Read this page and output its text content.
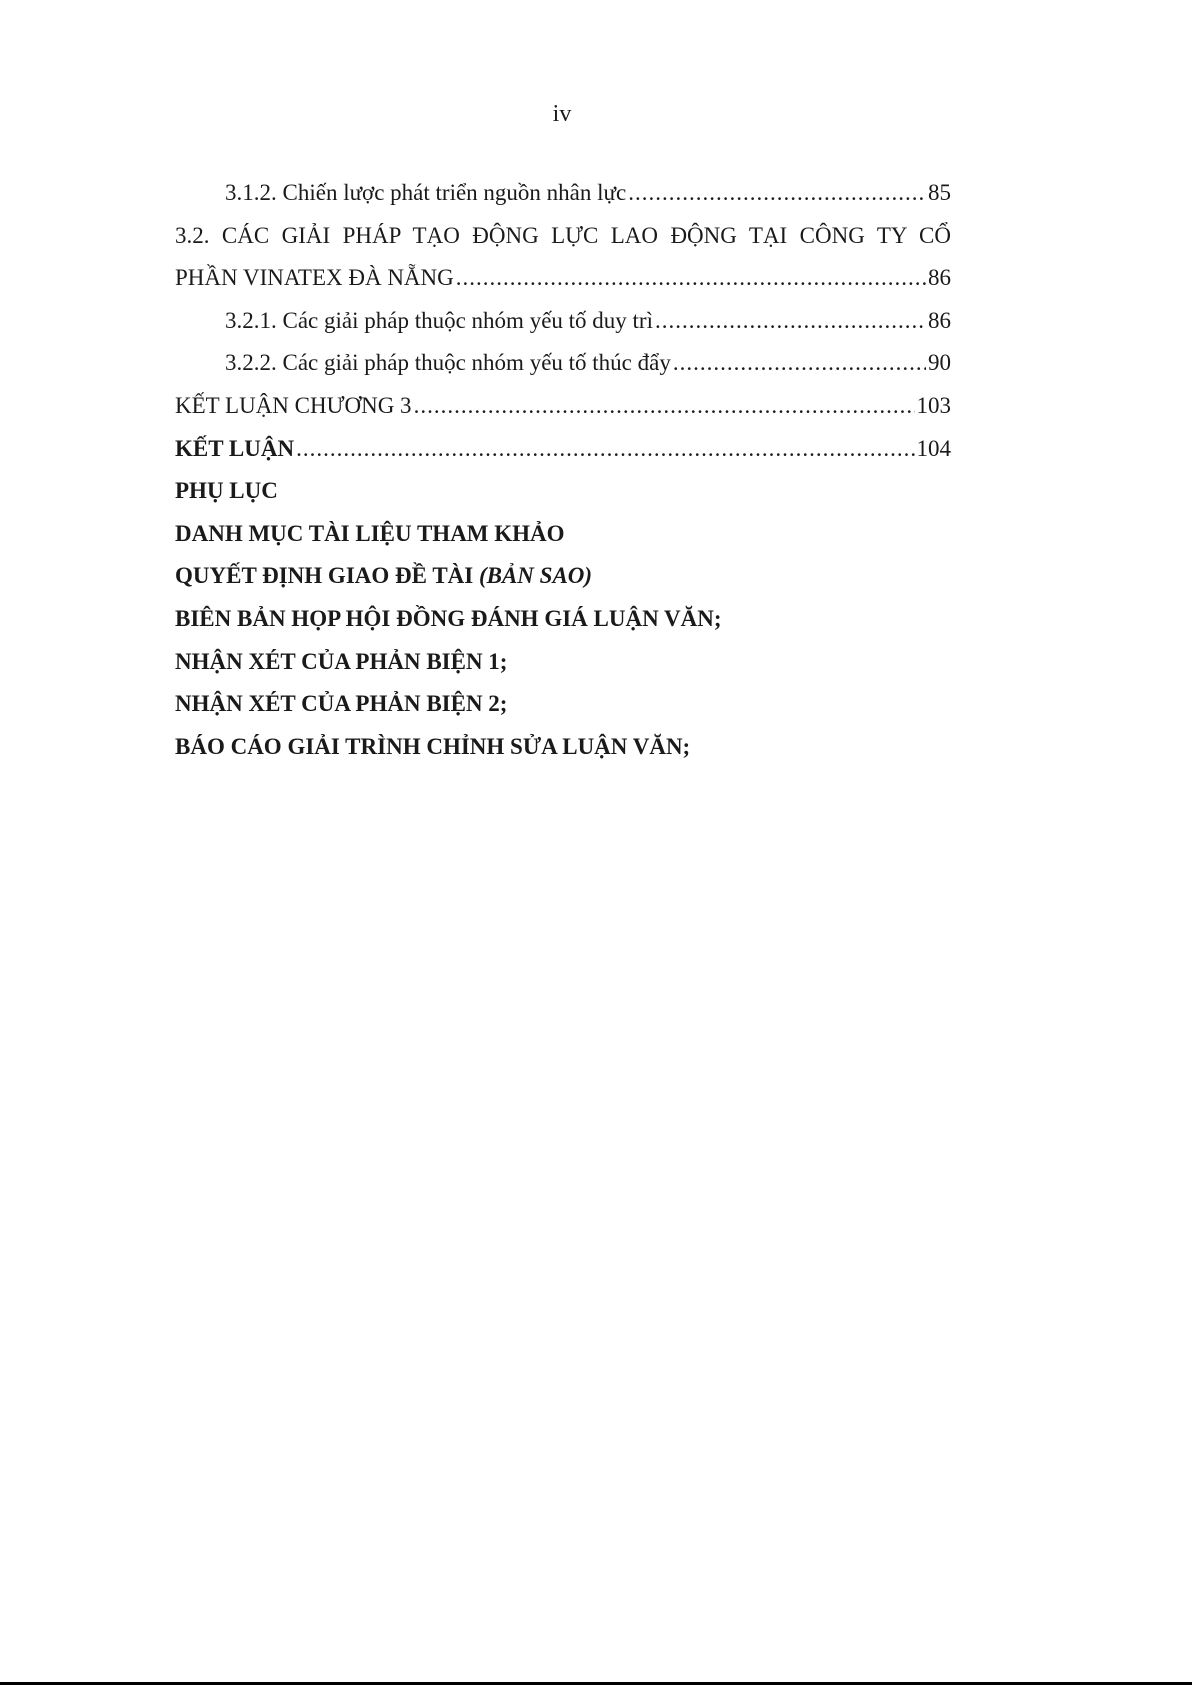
iv
3.1.2. Chiến lược phát triển nguồn nhân lực .....	85
3.2. CÁC GIẢI PHÁP TẠO ĐỘNG LỰC LAO ĐỘNG TẠI CÔNG TY CỔ
PHẦN VINATEX ĐÀ NẴNG .....	86
3.2.1. Các giải pháp thuộc nhóm yếu tố duy trì .....	86
3.2.2. Các giải pháp thuộc nhóm yếu tố thúc đẩy .....	90
KẾT LUẬN CHƯƠNG 3 .....	103
KẾT LUẬN .....	104
PHỤ LỤC
DANH MỤC TÀI LIỆU THAM KHẢO
QUYẾT ĐỊNH GIAO ĐỀ TÀI
(BẢN SAO)
BIÊN BẢN HỌP HỘI ĐỒNG ĐÁNH GIÁ LUẬN VĂN;
NHẬN XÉT CỦA PHẢN BIỆN 1;
NHẬN XÉT CỦA PHẢN BIỆN 2;
BÁO CÁO GIẢI TRÌNH CHỈNH SỬA LUẬN VĂN;
